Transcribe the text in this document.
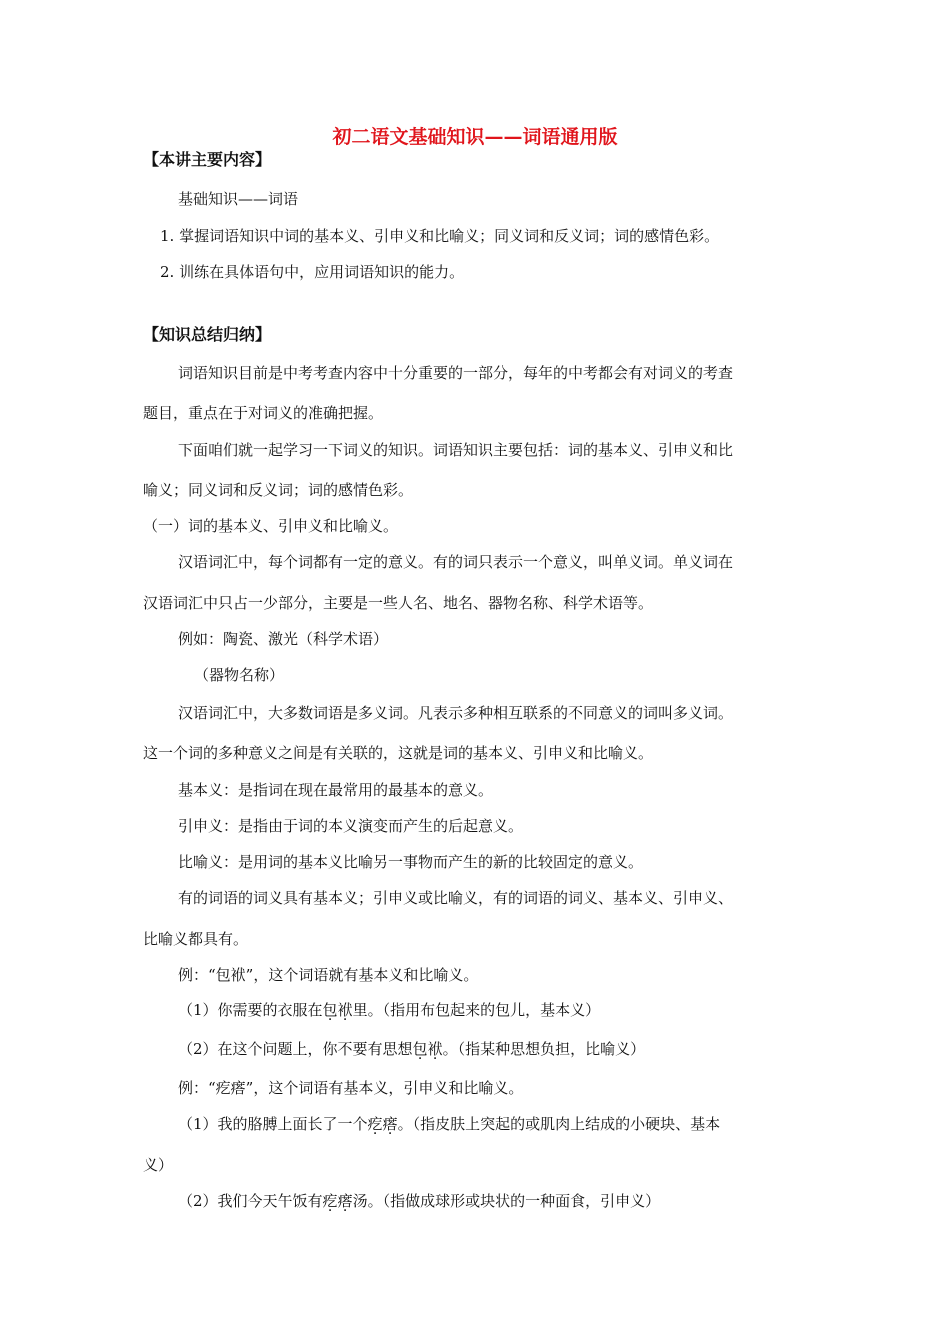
初二语文基础知识——词语通用版
【本讲主要内容】
基础知识——词语
1. 掌握词语知识中词的基本义、引申义和比喻义；同义词和反义词；词的感情色彩。
2. 训练在具体语句中，应用词语知识的能力。
【知识总结归纳】
词语知识目前是中考考查内容中十分重要的一部分，每年的中考都会有对词义的考查
题目，重点在于对词义的准确把握。
下面咱们就一起学习一下词义的知识。词语知识主要包括：词的基本义、引申义和比
喻义；同义词和反义词；词的感情色彩。
（一）词的基本义、引申义和比喻义。
汉语词汇中，每个词都有一定的意义。有的词只表示一个意义，叫单义词。单义词在
汉语词汇中只占一少部分，主要是一些人名、地名、器物名称、科学术语等。
例如：陶瓷、激光（科学术语）
（器物名称）
汉语词汇中，大多数词语是多义词。凡表示多种相互联系的不同意义的词叫多义词。
这一个词的多种意义之间是有关联的，这就是词的基本义、引申义和比喻义。
基本义：是指词在现在最常用的最基本的意义。
引申义：是指由于词的本义演变而产生的后起意义。
比喻义：是用词的基本义比喻另一事物而产生的新的比较固定的意义。
有的词语的词义具有基本义；引申义或比喻义，有的词语的词义、基本义、引申义、
比喻义都具有。
例：“包袱”，这个词语就有基本义和比喻义。
（1）你需要的衣服在包袱里。（指用布包起来的包儿，基本义）
（2）在这个问题上，你不要有思想包袱。（指某种思想负担，比喻义）
例：“疙瘩”，这个词语有基本义，引申义和比喻义。
（1）我的胳膊上面长了一个疙瘩。（指皮肤上突起的或肌肉上结成的小硬块、基本
义）
（2）我们今天午饭有疙瘩汤。（指做成球形或块状的一种面食，引申义）
